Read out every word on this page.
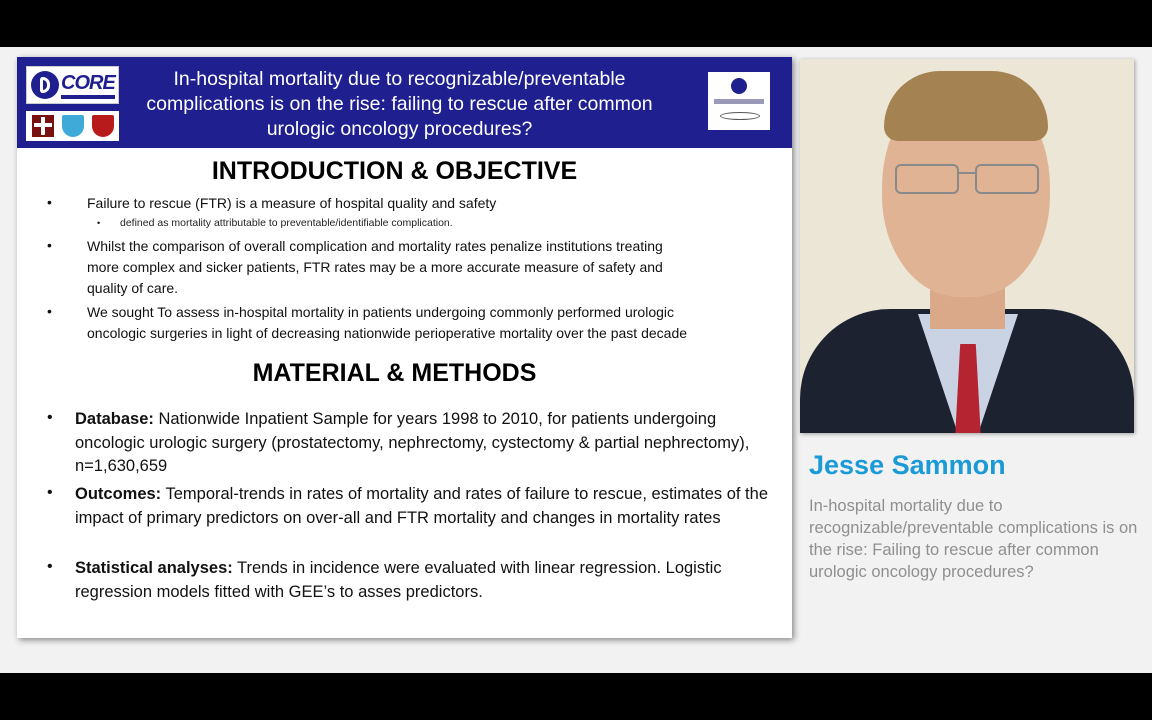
CORE	In-hospital mortality due to recognizable/preventable complications is on the rise: failing to rescue after common urologic oncology procedures?
INTRODUCTION & OBJECTIVE
•	Failure to rescue (FTR) is a measure of hospital quality and safety
• defined as mortality attributable to preventable/identifiable complication.
•	Whilst the comparison of overall complication and mortality rates penalize institutions treating
more complex and sicker patients, FTR rates may be a more accurate measure of safety and
quality of care.
•	We sought To assess in-hospital mortality in patients undergoing commonly performed urologic
oncologic surgeries in light of decreasing nationwide perioperative mortality over the past decade
MATERIAL & METHODS
• Database: Nationwide Inpatient Sample for years 1998 to 2010, for patients undergoing oncologic urologic surgery (prostatectomy, nephrectomy, cystectomy & partial nephrectomy), n=1,630,659
• Outcomes: Temporal-trends in rates of mortality and rates of failure to rescue, estimates of the impact of primary predictors on over-all and FTR mortality and changes in mortality rates
• Statistical analyses: Trends in incidence were evaluated with linear regression. Logistic regression models fitted with GEE’s to asses predictors.
Jesse Sammon
In-hospital mortality due to recognizable/preventable complications is on the rise: Failing to rescue after common urologic oncology procedures?
